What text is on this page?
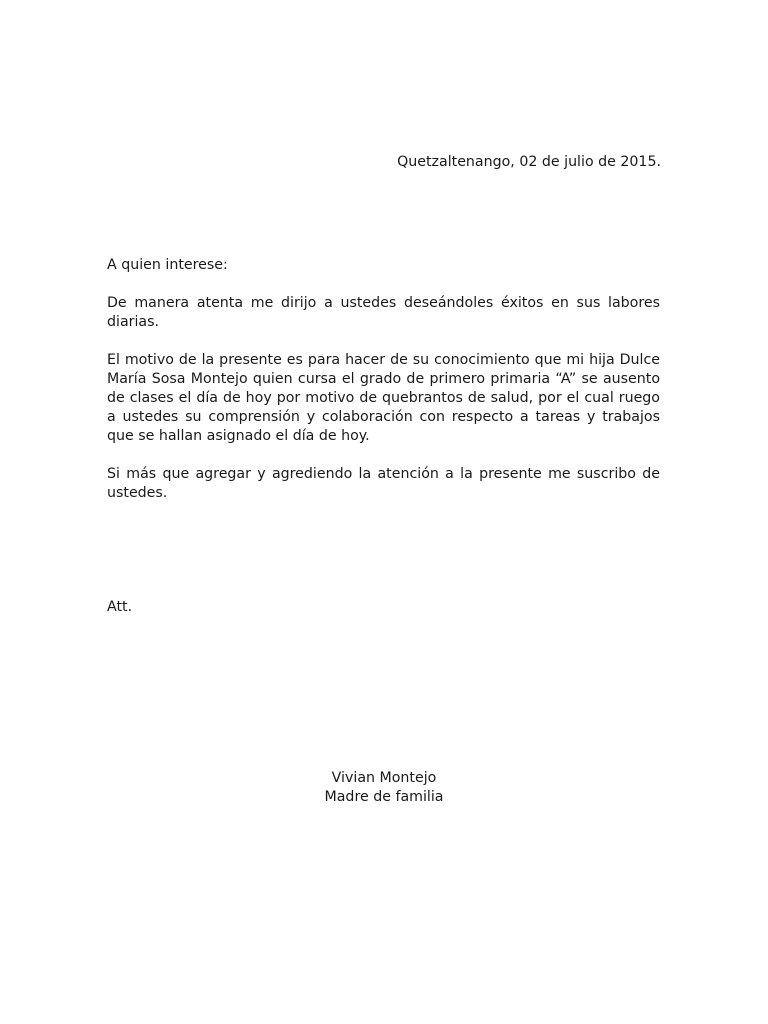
Quetzaltenango, 02 de julio de 2015.
A quien interese:

De manera atenta me dirijo a ustedes deseándoles éxitos en sus labores diarias.

El motivo de la presente es para hacer de su conocimiento que mi hija Dulce María Sosa Montejo quien cursa el grado de primero primaria “A” se ausento de clases el día de hoy por motivo de quebrantos de salud, por el cual ruego a ustedes su comprensión y colaboración con respecto a tareas y trabajos que se hallan asignado el día de hoy.

Si más que agregar y agrediendo la atención a la presente me suscribo de ustedes.

Att.
Vivian Montejo
Madre de familia
